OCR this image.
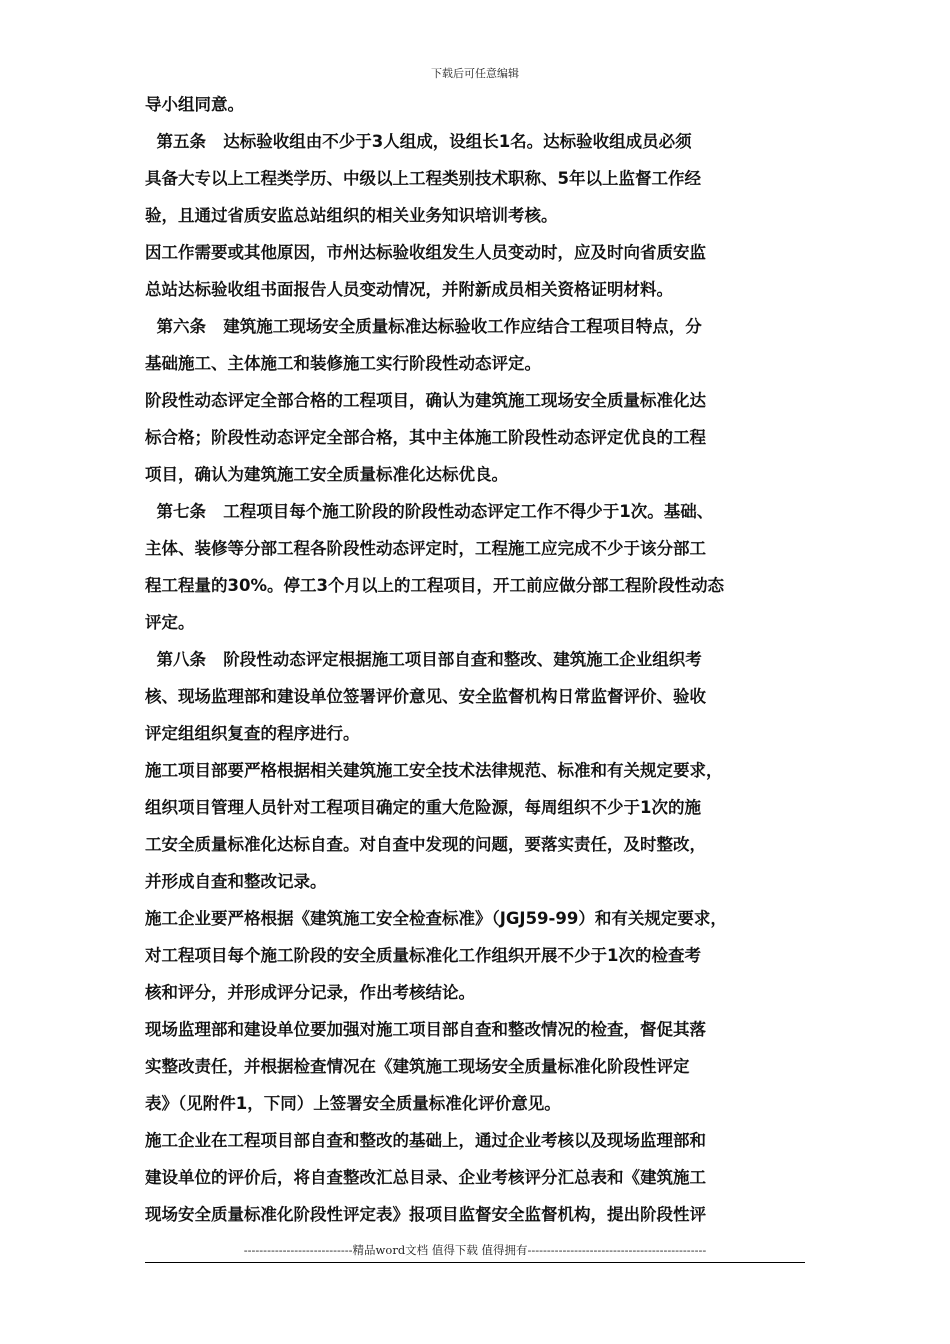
下载后可任意编辑

导小组同意。

第五条   达标验收组由不少于3人组成，设组长1名。达标验收组成员必须

具备大专以上工程类学历、中级以上工程类别技术职称、5年以上监督工作经

验，且通过省质安监总站组织的相关业务知识培训考核。

因工作需要或其他原因，市州达标验收组发生人员变动时，应及时向省质安监

总站达标验收组书面报告人员变动情况，并附新成员相关资格证明材料。

第六条   建筑施工现场安全质量标准达标验收工作应结合工程项目特点，分

基础施工、主体施工和装修施工实行阶段性动态评定。

阶段性动态评定全部合格的工程项目，确认为建筑施工现场安全质量标准化达

标合格；阶段性动态评定全部合格，其中主体施工阶段性动态评定优良的工程

项目，确认为建筑施工安全质量标准化达标优良。

第七条   工程项目每个施工阶段的阶段性动态评定工作不得少于1次。基础、

主体、装修等分部工程各阶段性动态评定时，工程施工应完成不少于该分部工

程工程量的30%。停工3个月以上的工程项目，开工前应做分部工程阶段性动态

评定。

第八条   阶段性动态评定根据施工项目部自查和整改、建筑施工企业组织考

核、现场监理部和建设单位签署评价意见、安全监督机构日常监督评价、验收

评定组组织复查的程序进行。

施工项目部要严格根据相关建筑施工安全技术法律规范、标准和有关规定要求，

组织项目管理人员针对工程项目确定的重大危险源，每周组织不少于1次的施

工安全质量标准化达标自查。对自查中发现的问题，要落实责任，及时整改，

并形成自查和整改记录。

施工企业要严格根据《建筑施工安全检查标准》（JGJ59-99）和有关规定要求，

对工程项目每个施工阶段的安全质量标准化工作组织开展不少于1次的检查考

核和评分，并形成评分记录，作出考核结论。

现场监理部和建设单位要加强对施工项目部自查和整改情况的检查，督促其落

实整改责任，并根据检查情况在《建筑施工现场安全质量标准化阶段性评定

表》（见附件1，下同）上签署安全质量标准化评价意见。

施工企业在工程项目部自查和整改的基础上，通过企业考核以及现场监理部和

建设单位的评价后，将自查整改汇总目录、企业考核评分汇总表和《建筑施工

现场安全质量标准化阶段性评定表》报项目监督安全监督机构，提出阶段性评

----------------------------精品word文档 值得下载 值得拥有----------------------------------------------
